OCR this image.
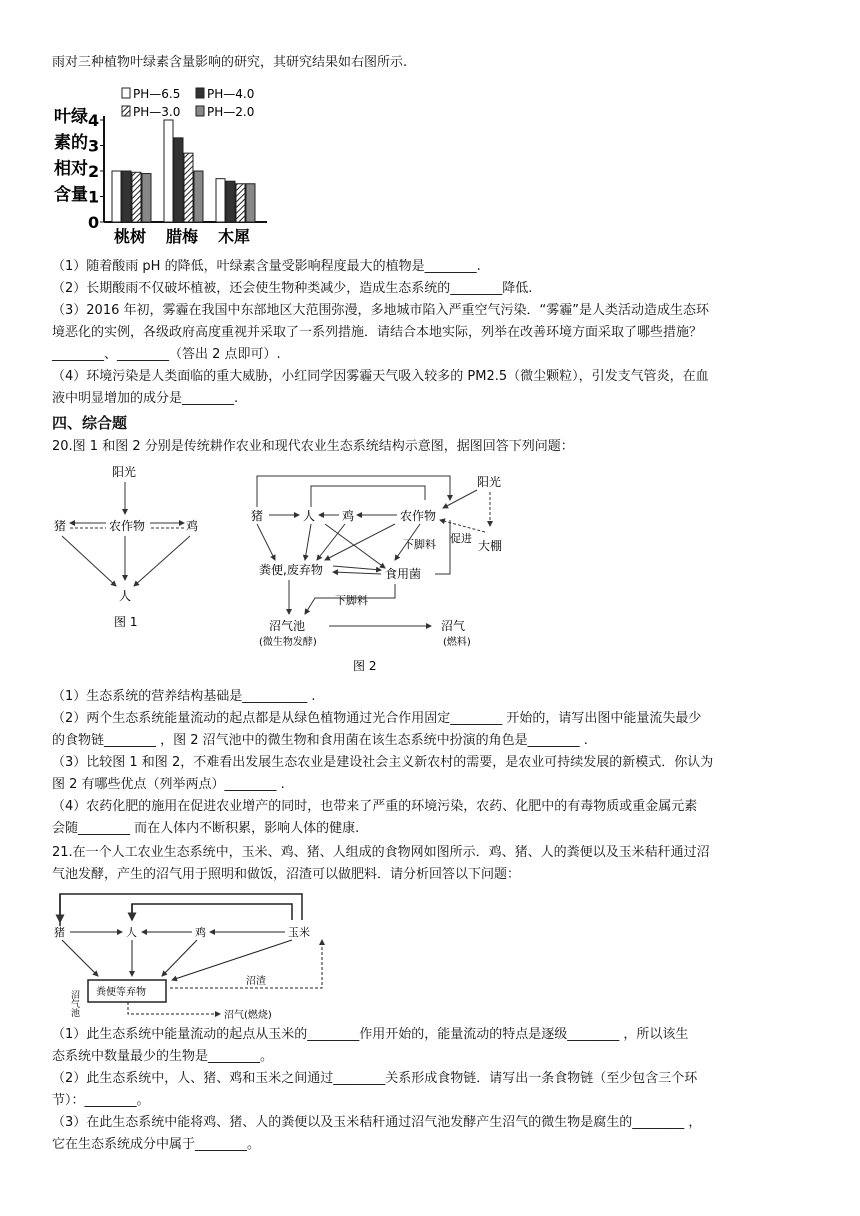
雨对三种植物叶绿素含量影响的研究，其研究结果如右图所示.
叶绿
素的
相对
含量
PH—6.5 PH—4.0
PH—3.0 PH—2.0
0
1
2
3
4
桃树 腊梅 木犀
（1）随着酸雨 pH 的降低，叶绿素含量受影响程度最大的植物是________.
（2）长期酸雨不仅破坏植被，还会使生物种类减少，造成生态系统的________降低.
（3）2016 年初，雾霾在我国中东部地区大范围弥漫，多地城市陷入严重空气污染．“雾霾”是人类活动造成生态环
境恶化的实例，各级政府高度重视并采取了一系列措施．请结合本地实际，列举在改善环境方面采取了哪些措施？
________、________（答出 2 点即可）.
（4）环境污染是人类面临的重大威胁，小红同学因雾霾天气吸入较多的 PM2.5（微尘颗粒），引发支气管炎，在血
液中明显增加的成分是________.
四、综合题
20.图 1 和图 2 分别是传统耕作农业和现代农业生态系统结构示意图，据图回答下列问题：
阳光
猪	农作物	鸡
人
图 1
猪	人 鸡	农作物
阳光
促进
大棚
下脚料
粪便,废弃物	食用菌
下脚料
沼气池
(微生物发酵)
沼气
(燃料)
图 2
（1）生态系统的营养结构基础是__________ .
（2）两个生态系统能量流动的起点都是从绿色植物通过光合作用固定________ 开始的，请写出图中能量流失最少
的食物链________ ，图 2 沼气池中的微生物和食用菌在该生态系统中扮演的角色是________ .
（3）比较图 1 和图 2，不难看出发展生态农业是建设社会主义新农村的需要，是农业可持续发展的新模式．你认为
图 2 有哪些优点（列举两点）________ .
（4）农药化肥的施用在促进农业增产的同时，也带来了严重的环境污染，农药、化肥中的有毒物质或重金属元素
会随________ 而在人体内不断积累，影响人体的健康.
21.在一个人工农业生态系统中，玉米、鸡、猪、人组成的食物网如图所示．鸡、猪、人的粪便以及玉米秸秆通过沼
气池发酵，产生的沼气用于照明和做饭，沼渣可以做肥料．请分析回答以下问题：
猪	人	鸡	玉米
粪便等弃物
沼气池
沼渣
沼气(燃烧)
（1）此生态系统中能量流动的起点从玉米的________作用开始的，能量流动的特点是逐级________ ，所以该生
态系统中数量最少的生物是________。
（2）此生态系统中，人、猪、鸡和玉米之间通过________关系形成食物链．请写出一条食物链（至少包含三个环
节）：________。
（3）在此生态系统中能将鸡、猪、人的粪便以及玉米秸秆通过沼气池发酵产生沼气的微生物是腐生的________ ，
它在生态系统成分中属于________。
